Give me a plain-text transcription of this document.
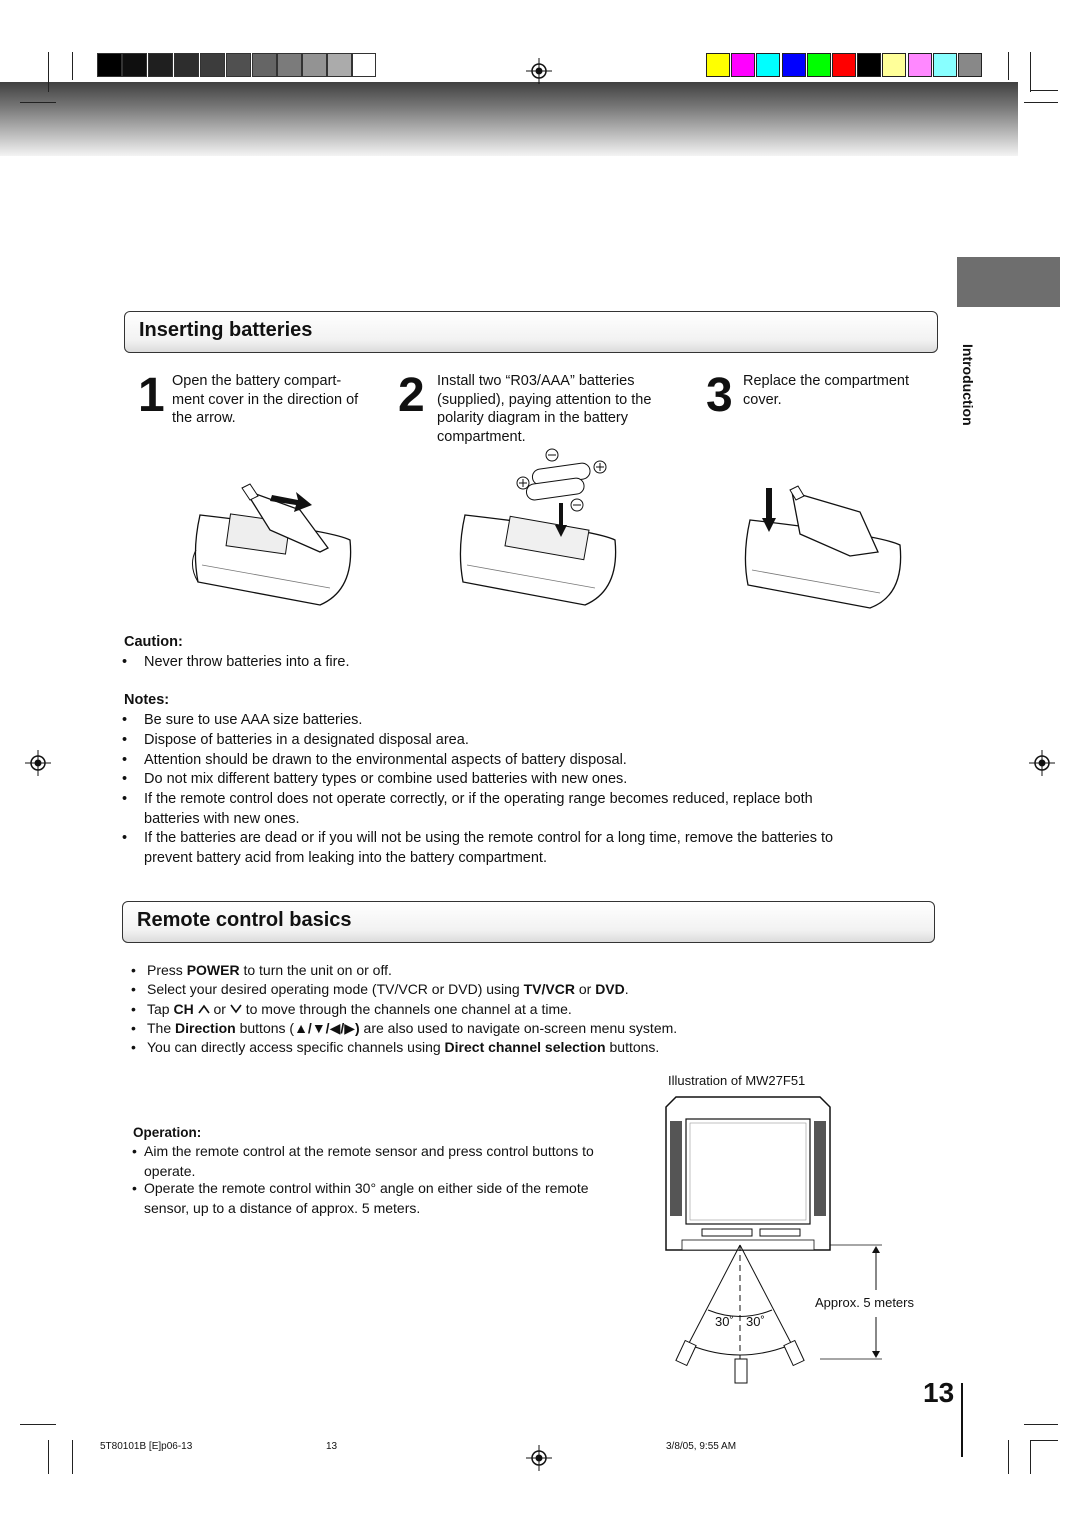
Introduction
Inserting batteries
1 Open the battery compart-
ment cover in the direction of
the arrow.	2 Install two “R03/AAA” batteries
(supplied), paying attention to the
polarity diagram in the battery
compartment.
3 Replace the compartment
cover.
Caution:
• Never throw batteries into a fire.
Notes:
• Be sure to use AAA size batteries.
• Dispose of batteries in a designated disposal area.
• Attention should be drawn to the environmental aspects of battery disposal.
• Do not mix different battery types or combine used batteries with new ones.
• If the remote control does not operate correctly, or if the operating range becomes reduced, replace both
batteries with new ones.
• If the batteries are dead or if you will not be using the remote control for a long time, remove the batteries to
prevent battery acid from leaking into the battery compartment.
Remote control basics
• Press POWER to turn the unit on or off.
• Select your desired operating mode (TV/VCR or DVD) using TV/VCR or DVD.
• Tap CH  or  to move through the channels one channel at a time.
• The Direction buttons (▲/▼/◀/▶) are also used to navigate on-screen menu system.
• You can directly access specific channels using Direct channel selection buttons.
Illustration of MW27F51
Operation:
• Aim the remote control at the remote sensor and press control buttons to
operate.
• Operate the remote control within 30° angle on either side of the remote
sensor, up to a distance of approx. 5 meters.
Approx. 5 meters
30˚ 30˚
13
5T80101B [E]p06-13	13	3/8/05, 9:55 AM
